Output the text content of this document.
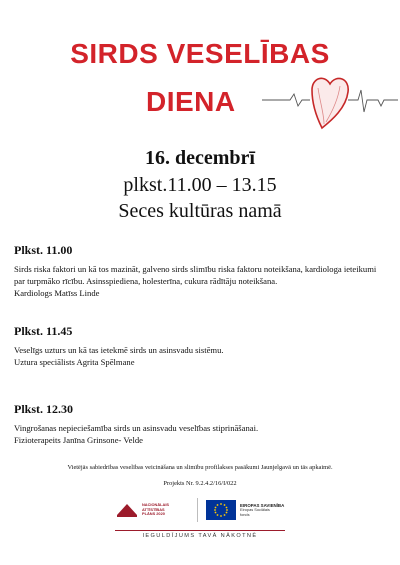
SIRDS VESELĪBAS
DIENA
16. decembrī
plkst.11.00 – 13.15
Seces kultūras namā
Plkst. 11.00
Sirds riska faktori un kā tos mazināt, galveno sirds slimību riska faktoru noteikšana, kardiologa ieteikumi par turpmāko rīcību. Asinsspiediena, holesterīna, cukura rādītāju noteikšana.
Kardiologs Matīss Linde
Plkst. 11.45
Veselīgs uzturs un kā tas ietekmē sirds un asinsvadu sistēmu.
Uztura speciālists Agrita Spēlmane
Plkst. 12.30
Vingrošanas nepieciešamība sirds un asinsvadu veselības stiprināšanai.
Fizioterapeits Janīna Grinsone- Velde
Vietējās sabiedrības veselības veicināšana un slimību profilakses pasākumi Jaunjelgavā un tās apkaimē.
Projekts Nr. 9.2.4.2/16/I/022
NACIONĀLAIS
ATTĪSTĪBAS
PLĀNS 2020
EIROPAS SAVIENĪBA
Eiropas Sociālais
fonds
IEGULDĪJUMS TAVĀ NĀKOTNĒ
